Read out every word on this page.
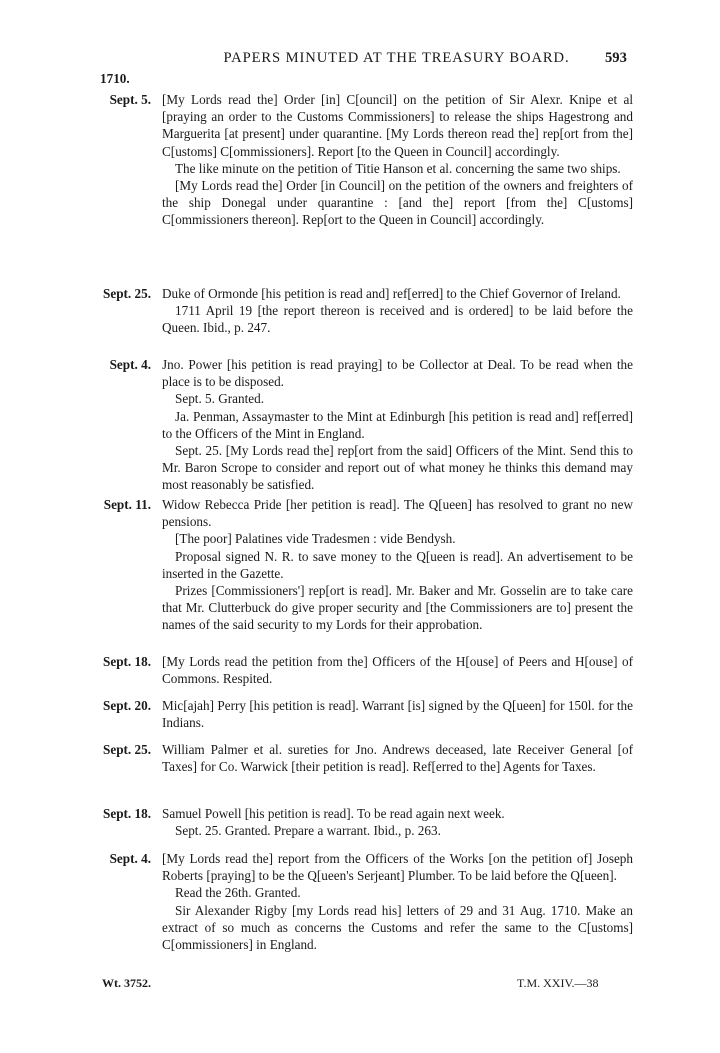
PAPERS MINUTED AT THE TREASURY BOARD.	593
1710.
Sept. 5. [My Lords read the] Order [in] C[ouncil] on the petition of Sir Alexr. Knipe et al [praying an order to the Customs Commissioners] to release the ships Hagestrong and Marguerita [at present] under quarantine. [My Lords thereon read the] rep[ort from the] C[ustoms] C[ommissioners]. Report [to the Queen in Council] accordingly.

The like minute on the petition of Titie Hanson et al. concerning the same two ships.

[My Lords read the] Order [in Council] on the petition of the owners and freighters of the ship Donegal under quarantine : [and the] report [from the] C[ustoms] C[ommissioners thereon]. Rep[ort to the Queen in Council] accordingly.

Sept. 25. Duke of Ormonde [his petition is read and] ref[erred] to the Chief Governor of Ireland.

1711 April 19 [the report thereon is received and is ordered] to be laid before the Queen. Ibid., p. 247.

Sept. 4. Jno. Power [his petition is read praying] to be Collector at Deal. To be read when the place is to be disposed.

Sept. 5. Granted.

Ja. Penman, Assaymaster to the Mint at Edinburgh [his petition is read and] ref[erred] to the Officers of the Mint in England.

Sept. 25. [My Lords read the] rep[ort from the said] Officers of the Mint. Send this to Mr. Baron Scrope to consider and report out of what money he thinks this demand may most reasonably be satisfied.

Sept. 11. Widow Rebecca Pride [her petition is read]. The Q[ueen] has resolved to grant no new pensions.

[The poor] Palatines vide Tradesmen : vide Bendysh.

Proposal signed N. R. to save money to the Q[ueen is read]. An advertisement to be inserted in the Gazette.

Prizes [Commissioners'] rep[ort is read]. Mr. Baker and Mr. Gosselin are to take care that Mr. Clutterbuck do give proper security and [the Commissioners are to] present the names of the said security to my Lords for their approbation.

Sept. 18. [My Lords read the petition from the] Officers of the H[ouse] of Peers and H[ouse] of Commons. Respited.

Sept. 20. Mic[ajah] Perry [his petition is read]. Warrant [is] signed by the Q[ueen] for 150l. for the Indians.

Sept. 25. William Palmer et al. sureties for Jno. Andrews deceased, late Receiver General [of Taxes] for Co. Warwick [their petition is read]. Ref[erred to the] Agents for Taxes.

Sept. 18. Samuel Powell [his petition is read]. To be read again next week.

Sept. 25. Granted. Prepare a warrant. Ibid., p. 263.

Sept. 4. [My Lords read the] report from the Officers of the Works [on the petition of] Joseph Roberts [praying] to be the Q[ueen's Serjeant] Plumber. To be laid before the Q[ueen].

Read the 26th. Granted.

Sir Alexander Rigby [my Lords read his] letters of 29 and 31 Aug. 1710. Make an extract of so much as concerns the Customs and refer the same to the C[ustoms] C[ommissioners] in England.

Wt. 3752.	T.M. XXIV.—38
